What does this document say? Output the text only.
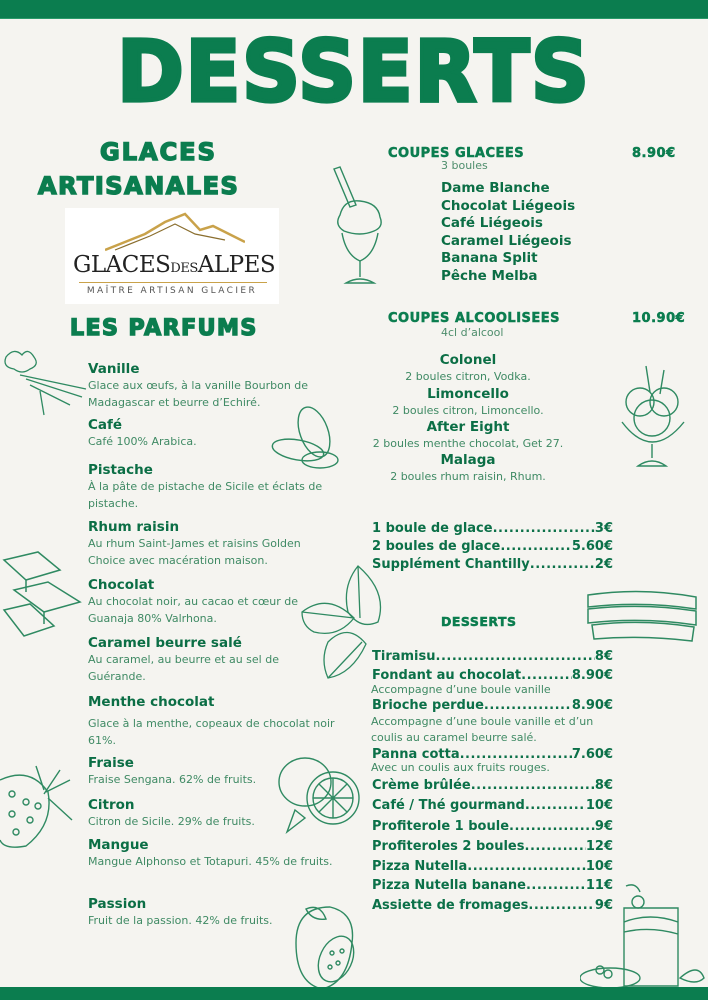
DESSERTS
GLACES
ARTISANALES
GLACESDESALPES
MAÎTRE ARTISAN GLACIER
LES PARFUMS
Vanille
Glace aux œufs, à la vanille Bourbon de Madagascar et beurre d’Echiré.
Café
Café 100% Arabica.
Pistache
À la pâte de pistache de Sicile et éclats de pistache.
Rhum raisin
Au rhum Saint-James et raisins Golden Choice avec macération maison.
Chocolat
Au chocolat noir, au cacao et cœur de Guanaja 80% Valrhona.
Caramel beurre salé
Au caramel, au beurre et au sel de Guérande.
Menthe chocolat
Glace à la menthe, copeaux de chocolat noir 61%.
Fraise
Fraise Sengana. 62% de fruits.
Citron
Citron de Sicile. 29% de fruits.
Mangue
Mangue Alphonso et Totapuri. 45% de fruits.
Passion
Fruit de la passion. 42% de fruits.
COUPES GLACEES	8.90€
3 boules
Dame Blanche
Chocolat Liégeois
Café Liégeois
Caramel Liégeois
Banana Split
Pêche Melba
COUPES ALCOOLISEES	10.90€
4cl d’alcool
Colonel
2 boules citron, Vodka.
Limoncello
2 boules citron, Limoncello.
After Eight
2 boules menthe chocolat, Get 27.
Malaga
2 boules rhum raisin, Rhum.
1 boule de glace .....	3€
2 boules de glace .....	5.60€
Supplément Chantilly .....	2€
DESSERTS
Tiramisu .....	8€
Fondant au chocolat .....	8.90€
Accompagne d’une boule vanille
Brioche perdue .....	8.90€
Accompagne d’une boule vanille et d’un coulis au caramel beurre salé.
Panna cotta .....	7.60€
Avec un coulis aux fruits rouges.
Crème brûlée .....	8€
Café / Thé gourmand .....	10€
Profiterole 1 boule .....	9€
Profiteroles 2 boules .....	12€
Pizza Nutella .....	10€
Pizza Nutella banane .....	11€
Assiette de fromages .....	9€
